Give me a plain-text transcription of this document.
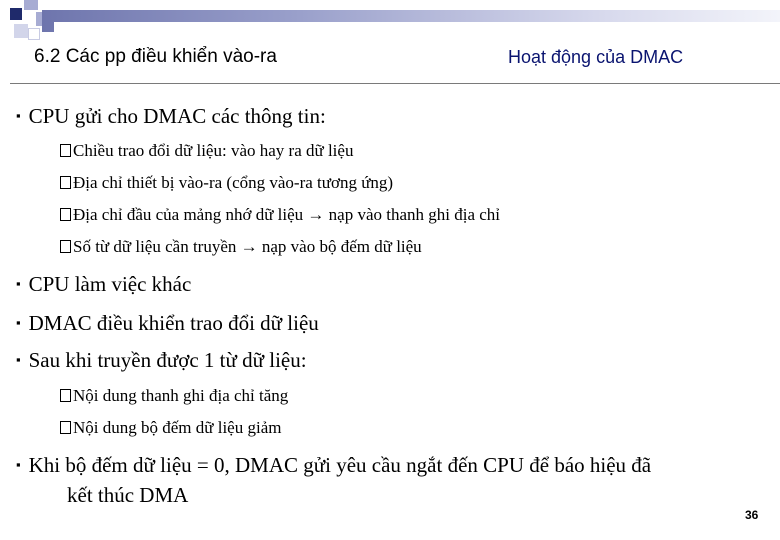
6.2 Các pp điều khiển vào-ra	Hoạt động của DMAC
▪ CPU gửi cho DMAC các thông tin:
Chiều trao đổi dữ liệu: vào hay ra dữ liệu
Địa chỉ thiết bị vào-ra (cổng vào-ra tương ứng)
Địa chỉ đầu của mảng nhớ dữ liệu → nạp vào thanh ghi địa chỉ
Số từ dữ liệu cần truyền → nạp vào bộ đếm dữ liệu
▪ CPU làm việc khác
▪ DMAC điều khiển trao đổi dữ liệu
▪ Sau khi truyền được 1 từ dữ liệu:
Nội dung thanh ghi địa chỉ tăng
Nội dung bộ đếm dữ liệu giảm
▪ Khi bộ đếm dữ liệu = 0, DMAC gửi yêu cầu ngắt đến CPU để báo hiệu đã
kết thúc DMA
36
